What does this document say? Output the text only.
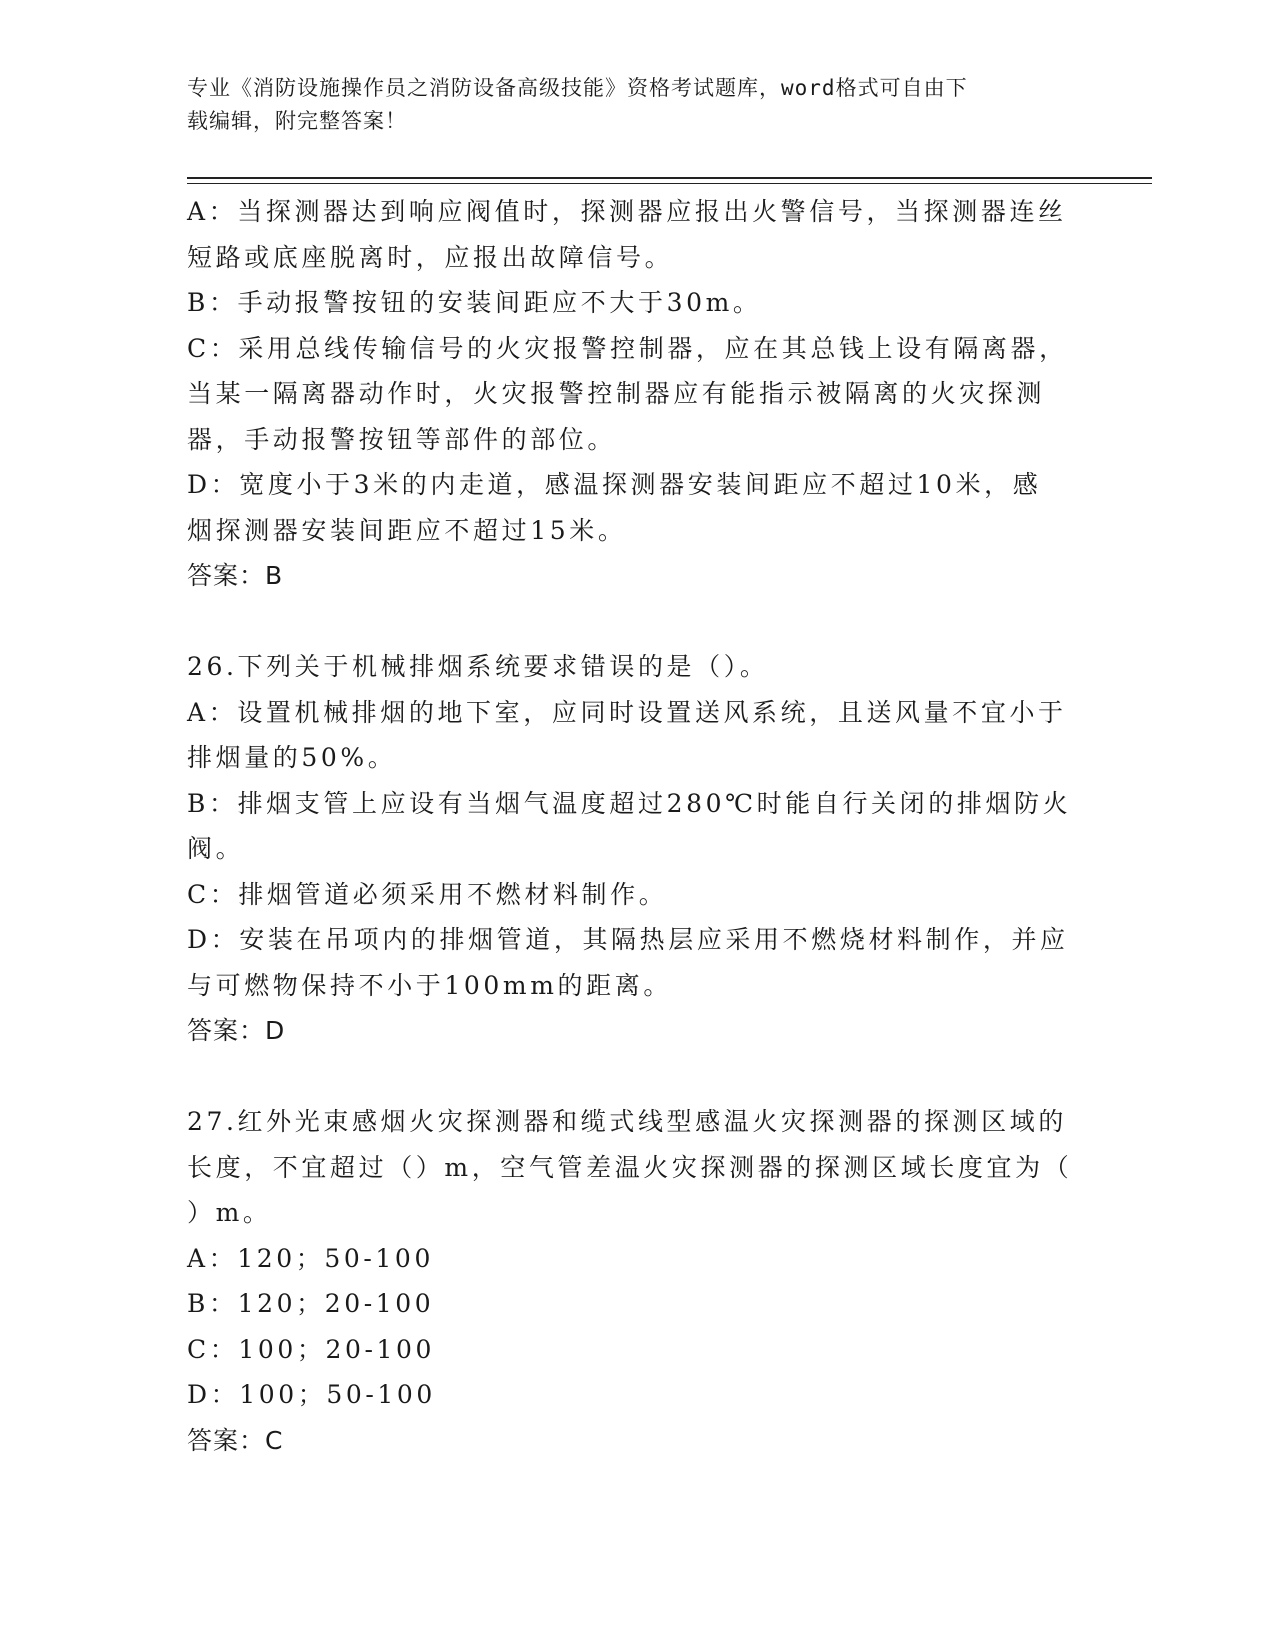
专业《消防设施操作员之消防设备高级技能》资格考试题库，word格式可自由下
载编辑，附完整答案！
A：当探测器达到响应阀值时，探测器应报出火警信号，当探测器连丝
短路或底座脱离时，应报出故障信号。
B：手动报警按钮的安装间距应不大于30m。
C：采用总线传输信号的火灾报警控制器，应在其总钱上设有隔离器，
当某一隔离器动作时，火灾报警控制器应有能指示被隔离的火灾探测
器，手动报警按钮等部件的部位。
D：宽度小于3米的内走道，感温探测器安装间距应不超过10米，感
烟探测器安装间距应不超过15米。
答案：B
26.下列关于机械排烟系统要求错误的是（）。
A：设置机械排烟的地下室，应同时设置送风系统，且送风量不宜小于
排烟量的50%。
B：排烟支管上应设有当烟气温度超过280℃时能自行关闭的排烟防火
阀。
C：排烟管道必须采用不燃材料制作。
D：安装在吊项内的排烟管道，其隔热层应采用不燃烧材料制作，并应
与可燃物保持不小于100mm的距离。
答案：D
27.红外光束感烟火灾探测器和缆式线型感温火灾探测器的探测区域的
长度，不宜超过（）m，空气管差温火灾探测器的探测区域长度宜为（
）m。
A：120；50-100
B：120；20-100
C：100；20-100
D：100；50-100
答案：C
